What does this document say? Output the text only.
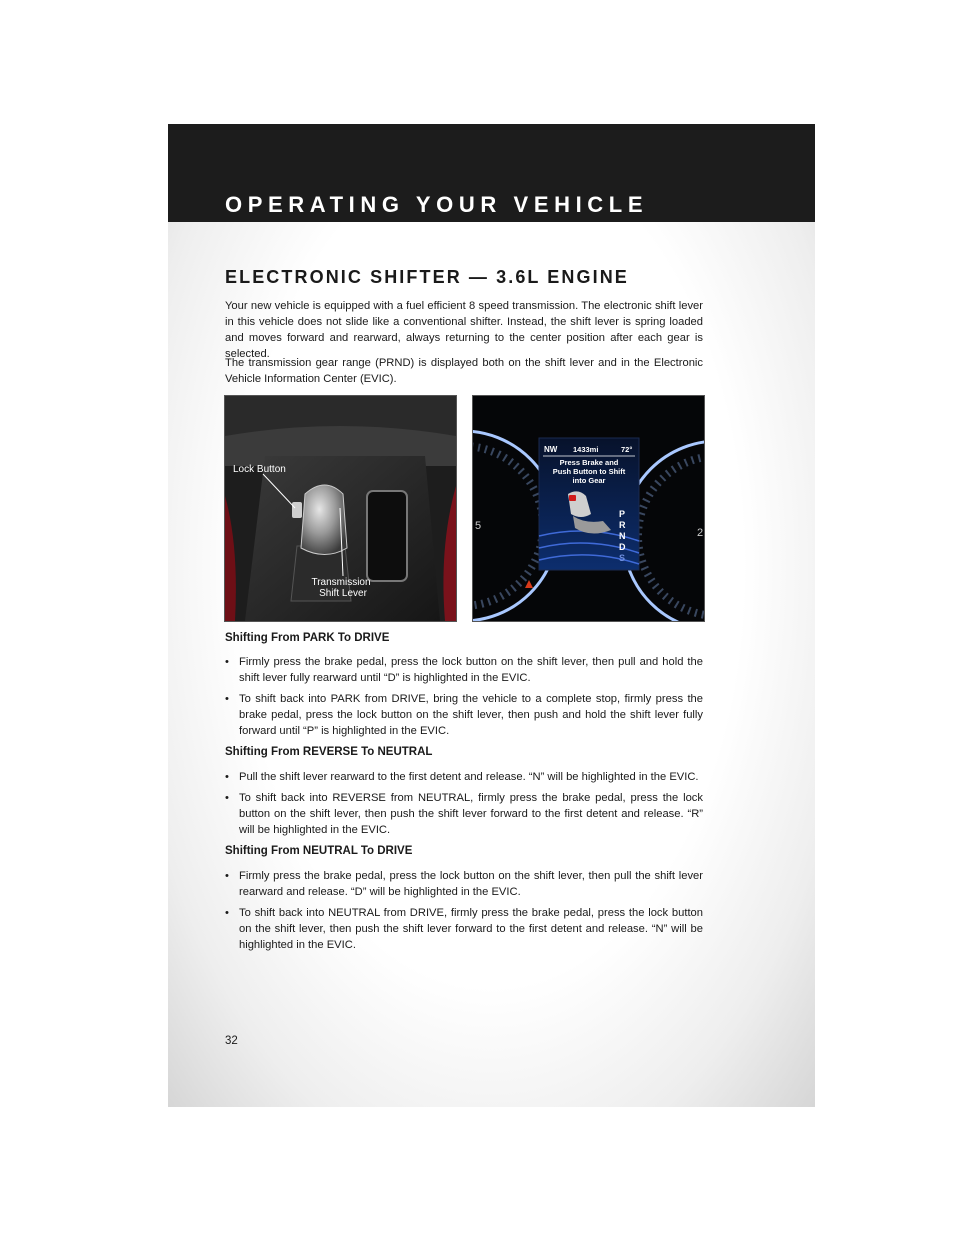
OPERATING YOUR VEHICLE
ELECTRONIC SHIFTER — 3.6L ENGINE

Your new vehicle is equipped with a fuel efficient 8 speed transmission. The electronic shift lever in this vehicle does not slide like a conventional shifter. Instead, the shift lever is spring loaded and moves forward and rearward, always returning to the center position after each gear is selected.

The transmission gear range (PRND) is displayed both on the shift lever and in the Electronic Vehicle Information Center (EVIC).

Lock Button
Transmission
Shift Lever
5
2
NW 1433mi	72°
Press Brake and
Push Button to Shift
into Gear
P
R
N
D
S
Shifting From PARK To DRIVE
• Firmly press the brake pedal, press the lock button on the shift lever, then pull and hold the shift lever fully rearward until “D” is highlighted in the EVIC.
• To shift back into PARK from DRIVE, bring the vehicle to a complete stop, firmly press the brake pedal, press the lock button on the shift lever, then push and hold the shift lever fully forward until “P” is highlighted in the EVIC.
Shifting From REVERSE To NEUTRAL
• Pull the shift lever rearward to the first detent and release. “N” will be highlighted in the EVIC.
• To shift back into REVERSE from NEUTRAL, firmly press the brake pedal, press the lock button on the shift lever, then push the shift lever forward to the first detent and release. “R” will be highlighted in the EVIC.
Shifting From NEUTRAL To DRIVE
• Firmly press the brake pedal, press the lock button on the shift lever, then pull the shift lever rearward and release. “D” will be highlighted in the EVIC.
• To shift back into NEUTRAL from DRIVE, firmly press the brake pedal, press the lock button on the shift lever, then push the shift lever forward to the first detent and release. “N” will be highlighted in the EVIC.
32
